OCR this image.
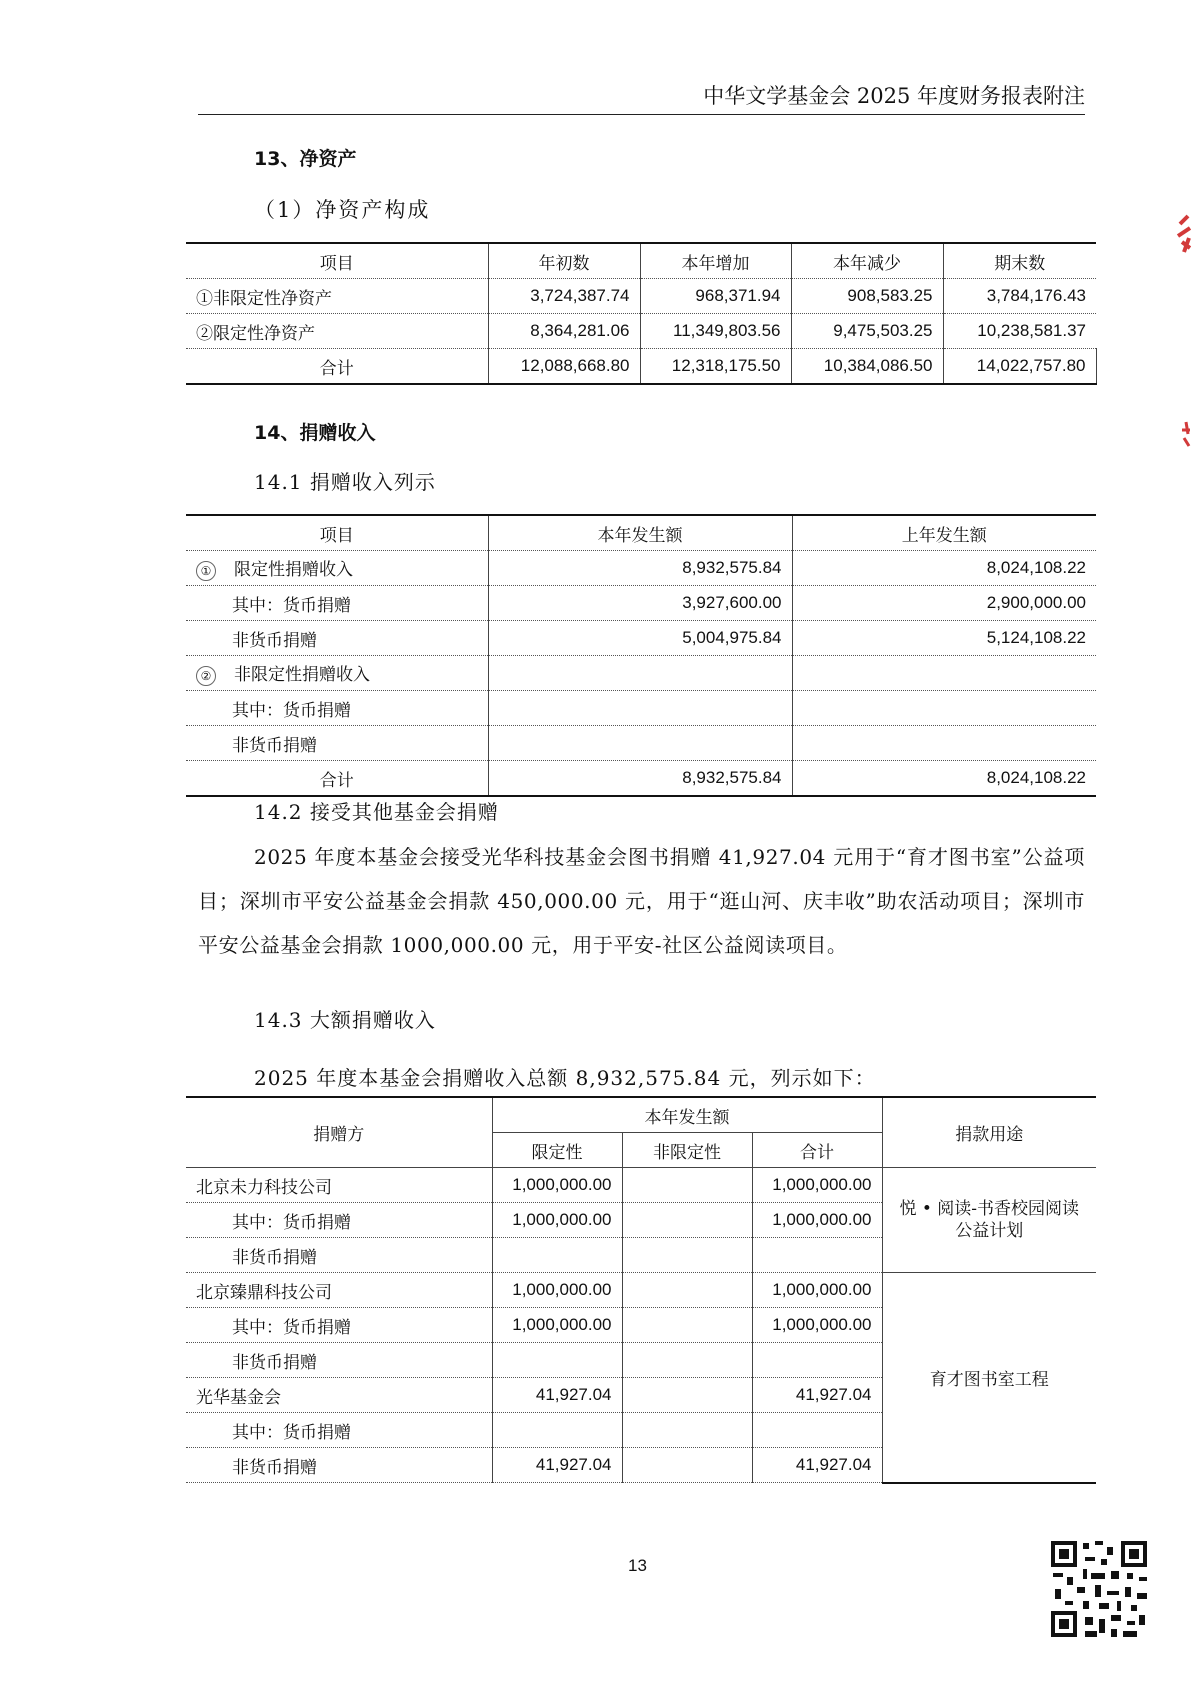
中华文学基金会 2025 年度财务报表附注
13、净资产
（1）净资产构成
项目	年初数	本年增加	本年减少	期末数
①非限定性净资产	3,724,387.74	968,371.94	908,583.25	3,784,176.43
②限定性净资产	8,364,281.06	11,349,803.56	9,475,503.25	10,238,581.37
合计	12,088,668.80	12,318,175.50	10,384,086.50	14,022,757.80
14、捐赠收入
14.1 捐赠收入列示
项目	本年发生额	上年发生额
① 限定性捐赠收入	8,932,575.84	8,024,108.22
其中：货币捐赠	3,927,600.00	2,900,000.00
非货币捐赠	5,004,975.84	5,124,108.22
② 非限定性捐赠收入		
其中：货币捐赠		
非货币捐赠		
合计	8,932,575.84	8,024,108.22
14.2 接受其他基金会捐赠
2025 年度本基金会接受光华科技基金会图书捐赠 41,927.04 元用于“育才图书室”公益项目；深圳市平安公益基金会捐款 450,000.00 元，用于“逛山河、庆丰收”助农活动项目；深圳市平安公益基金会捐款 1000,000.00 元，用于平安-社区公益阅读项目。
14.3 大额捐赠收入
2025 年度本基金会捐赠收入总额 8,932,575.84 元，列示如下：
捐赠方	本年发生额			捐款用途
	限定性	非限定性	合计	
北京未力科技公司	1,000,000.00		1,000,000.00	悦 • 阅读-书香校园阅读公益计划
其中：货币捐赠	1,000,000.00		1,000,000.00	
非货币捐赠				
北京臻鼎科技公司	1,000,000.00		1,000,000.00	育才图书室工程
其中：货币捐赠	1,000,000.00		1,000,000.00	
非货币捐赠				
光华基金会	41,927.04		41,927.04	
其中：货币捐赠				
非货币捐赠	41,927.04		41,927.04	
13
